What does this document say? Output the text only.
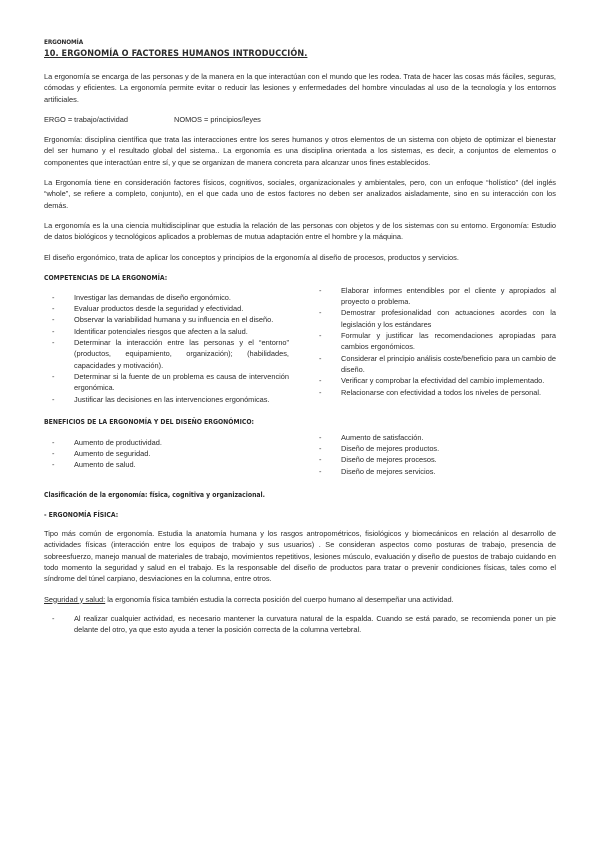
ERGONOMÍA
10. ERGONOMÍA O FACTORES HUMANOS INTRODUCCIÓN.

La ergonomía se encarga de las personas y de la manera en la que interactúan con el mundo que les rodea. Trata de hacer las cosas más fáciles, seguras, cómodas y eficientes. La ergonomía permite evitar o reducir las lesiones y enfermedades del hombre vinculadas al uso de la tecnología y los entornos artificiales.

ERGO = trabajo/actividad	NOMOS = principios/leyes

Ergonomía: disciplina científica que trata las interacciones entre los seres humanos y otros elementos de un sistema con objeto de optimizar el bienestar del ser humano y el resultado global del sistema.. La ergonomía es una disciplina orientada a los sistemas, es decir, a conjuntos de elementos o componentes que interactúan entre sí, y que se organizan de manera concreta para alcanzar unos fines establecidos.

La Ergonomía tiene en consideración factores físicos, cognitivos, sociales, organizacionales y ambientales, pero, con un enfoque “holístico” (del inglés “whole”, se refiere a completo, conjunto), en el que cada uno de estos factores no deben ser analizados aisladamente, sino en su interacción con los demás.

La ergonomía es la una ciencia multidisciplinar que estudia la relación de las personas con objetos y de los sistemas con su entorno. Ergonomía: Estudio de datos biológicos y tecnológicos aplicados a problemas de mutua adaptación entre el hombre y la máquina.

El diseño ergonómico, trata de aplicar los conceptos y principios de la ergonomía al diseño de procesos, productos y servicios.

COMPETENCIAS DE LA ERGONOMÍA:
- Investigar las demandas de diseño ergonómico.
- Evaluar productos desde la seguridad y efectividad.
- Observar la variabilidad humana y su influencia en el diseño.
- Identificar potenciales riesgos que afecten a la salud.
- Determinar la interacción entre las personas y el “entorno” (productos, equipamiento, organización); (habilidades, capacidades y motivación).
- Determinar si la fuente de un problema es causa de intervención ergonómica.
- Justificar las decisiones en las intervenciones ergonómicas.
- Elaborar informes entendibles por el cliente y apropiados al proyecto o problema.
- Demostrar profesionalidad con actuaciones acordes con la legislación y los estándares
- Formular y justificar las recomendaciones apropiadas para cambios ergonómicos.
- Considerar el principio análisis coste/beneficio para un cambio de diseño.
- Verificar y comprobar la efectividad del cambio implementado.
- Relacionarse con efectividad a todos los niveles de personal.
BENEFICIOS DE LA ERGONOMÍA Y DEL DISEÑO ERGONÓMICO:
- Aumento de productividad.
- Aumento de seguridad.
- Aumento de salud.
- Aumento de satisfacción.
- Diseño de mejores productos.
- Diseño de mejores procesos.
- Diseño de mejores servicios.
Clasificación de la ergonomía: física, cognitiva y organizacional.
- ERGONOMÍA FÍSICA:

Tipo más común de ergonomía. Estudia la anatomía humana y los rasgos antropométricos, fisiológicos y biomecánicos en relación al desarrollo de actividades físicas (interacción entre los equipos de trabajo y sus usuarios) . Se consideran aspectos como posturas de trabajo, presencia de sobreesfuerzo, manejo manual de materiales de trabajo, movimientos repetitivos, lesiones músculo, evaluación y diseño de puestos de trabajo cuidando en todo momento la seguridad y salud en el trabajo. Es la responsable del diseño de productos para tratar o prevenir condiciones físicas, tales como el síndrome del túnel carpiano, desviaciones en la columna, entre otros.

Seguridad y salud: la ergonomía física también estudia la correcta posición del cuerpo humano al desempeñar una actividad.

- Al realizar cualquier actividad, es necesario mantener la curvatura natural de la espalda. Cuando se está parado, se recomienda poner un pie delante del otro, ya que esto ayuda a tener la posición correcta de la columna vertebral.
